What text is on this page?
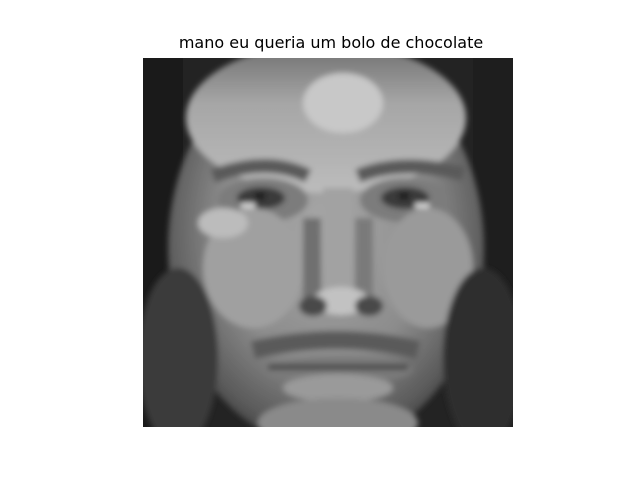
mano eu queria um bolo de chocolate
